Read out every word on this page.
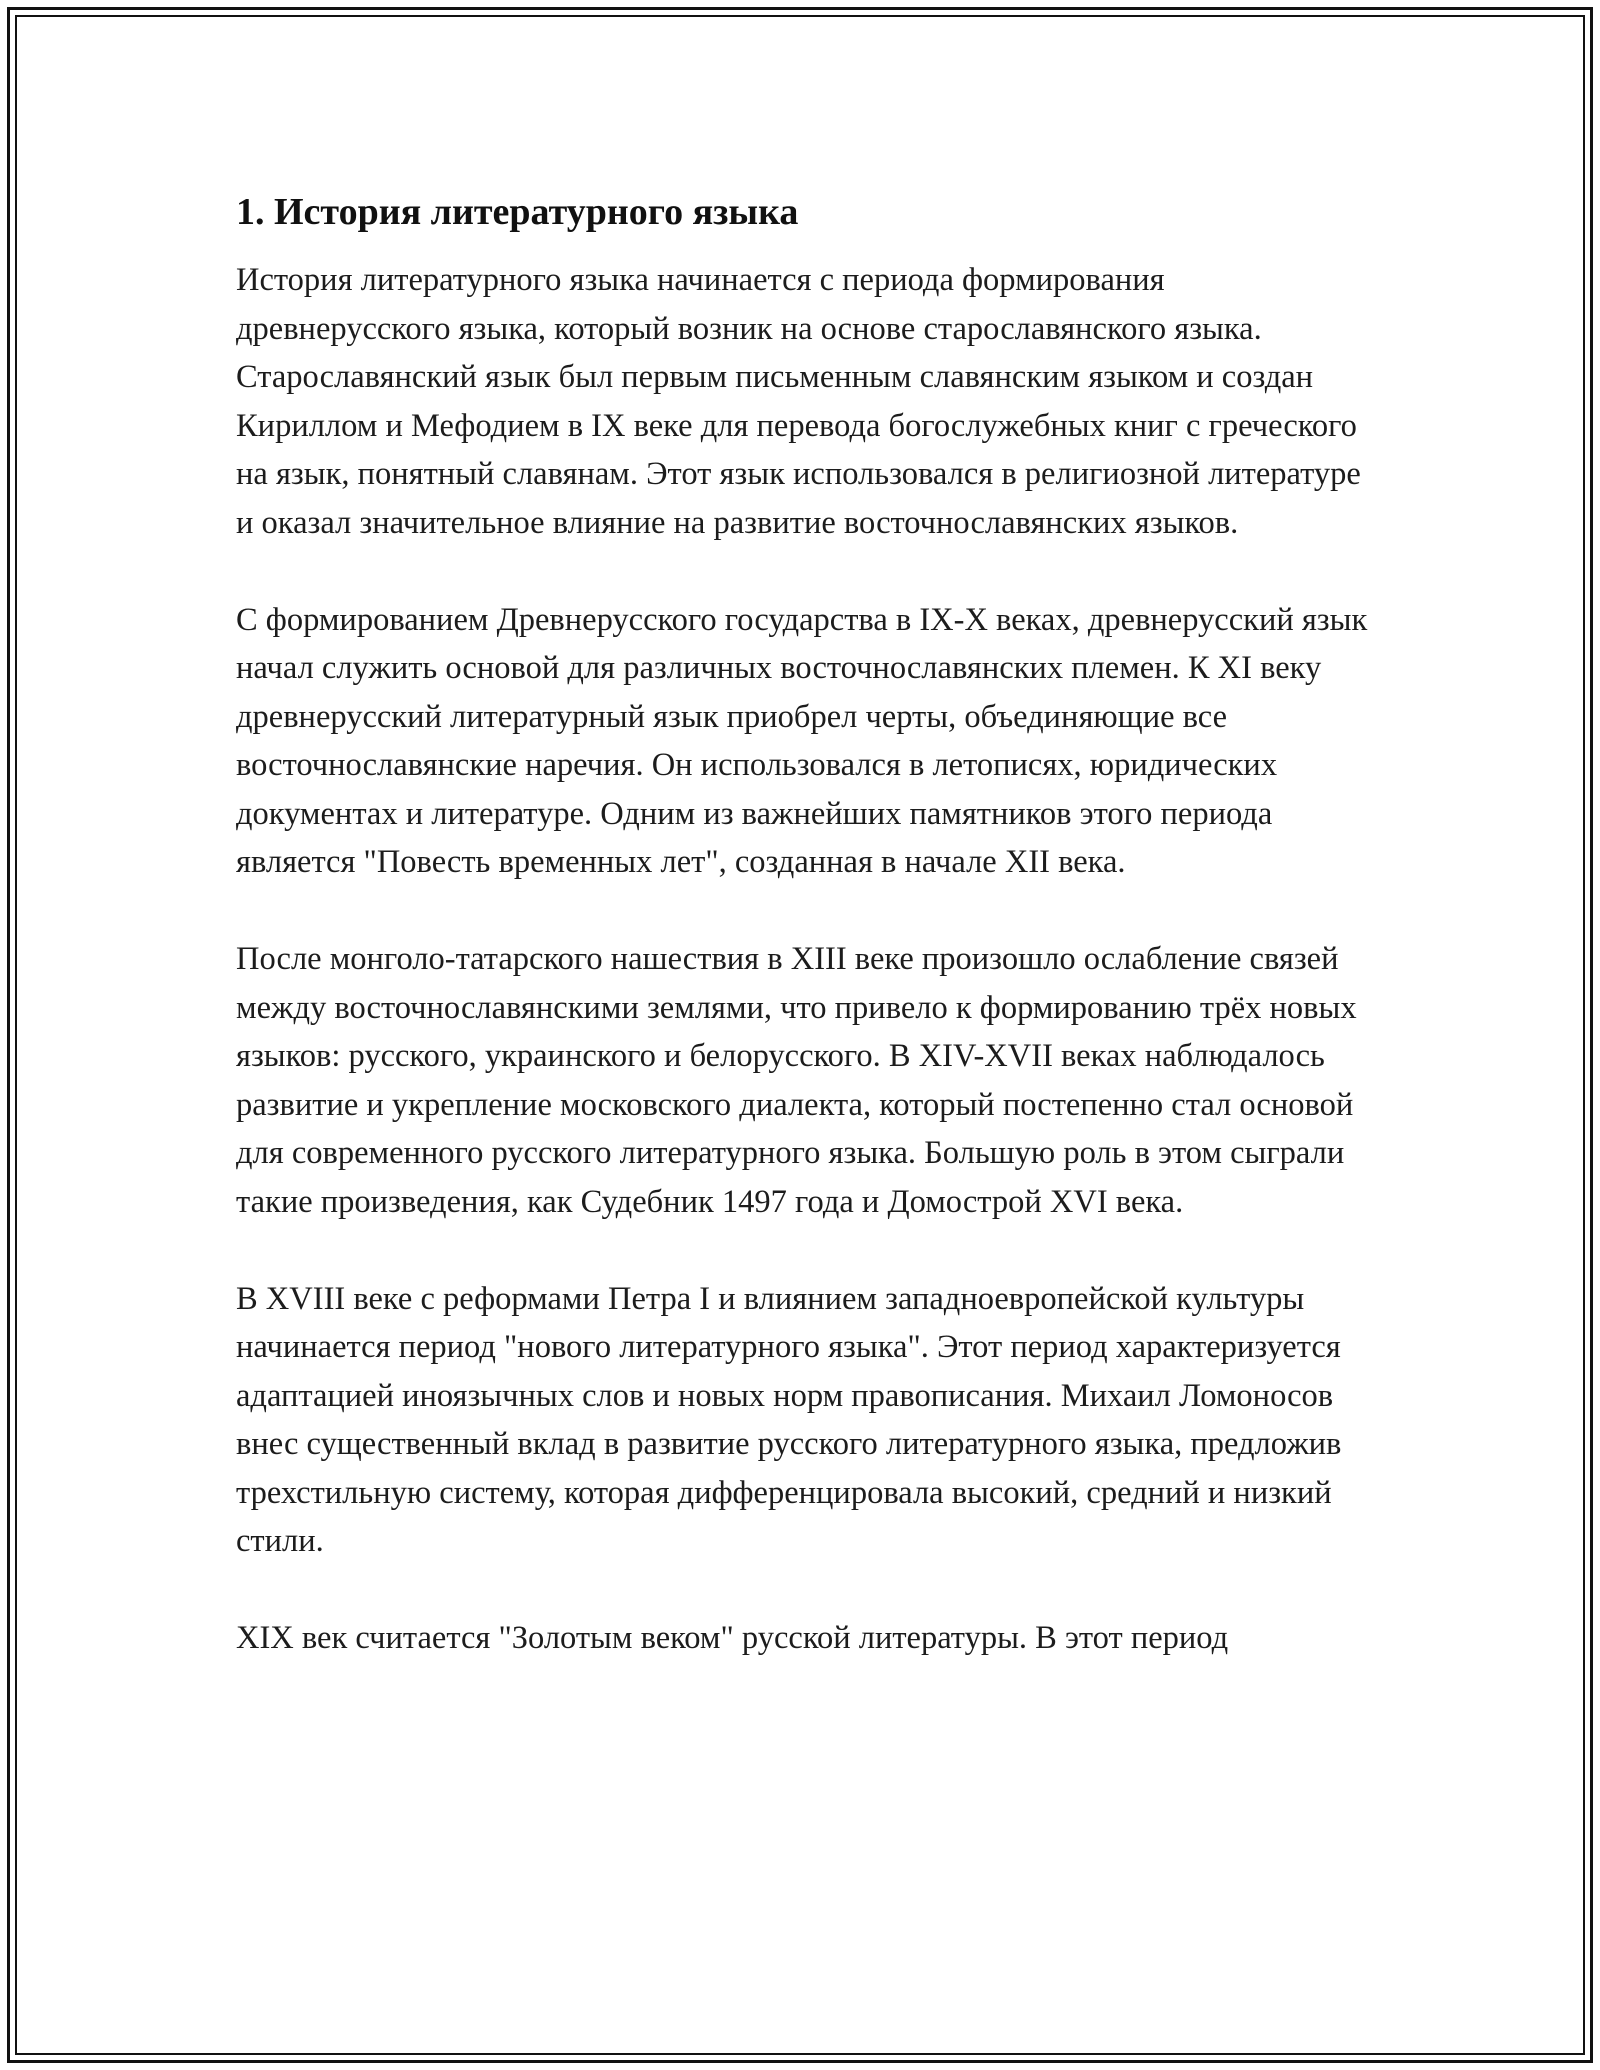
1. История литературного языка

История литературного языка начинается с периода формирования древнерусского языка, который возник на основе старославянского языка. Старославянский язык был первым письменным славянским языком и создан Кириллом и Мефодием в IX веке для перевода богослужебных книг с греческого на язык, понятный славянам. Этот язык использовался в религиозной литературе и оказал значительное влияние на развитие восточнославянских языков.

С формированием Древнерусского государства в IX-X веках, древнерусский язык начал служить основой для различных восточнославянских племен. К XI веку древнерусский литературный язык приобрел черты, объединяющие все восточнославянские наречия. Он использовался в летописях, юридических документах и литературе. Одним из важнейших памятников этого периода является "Повесть временных лет", созданная в начале XII века.

После монголо-татарского нашествия в XIII веке произошло ослабление связей между восточнославянскими землями, что привело к формированию трёх новых языков: русского, украинского и белорусского. В XIV-XVII веках наблюдалось развитие и укрепление московского диалекта, который постепенно стал основой для современного русского литературного языка. Большую роль в этом сыграли такие произведения, как Судебник 1497 года и Домострой XVI века.

В XVIII веке с реформами Петра I и влиянием западноевропейской культуры начинается период "нового литературного языка". Этот период характеризуется адаптацией иноязычных слов и новых норм правописания. Михаил Ломоносов внес существенный вклад в развитие русского литературного языка, предложив трехстильную систему, которая дифференцировала высокий, средний и низкий стили.

XIX век считается "Золотым веком" русской литературы. В этот период
